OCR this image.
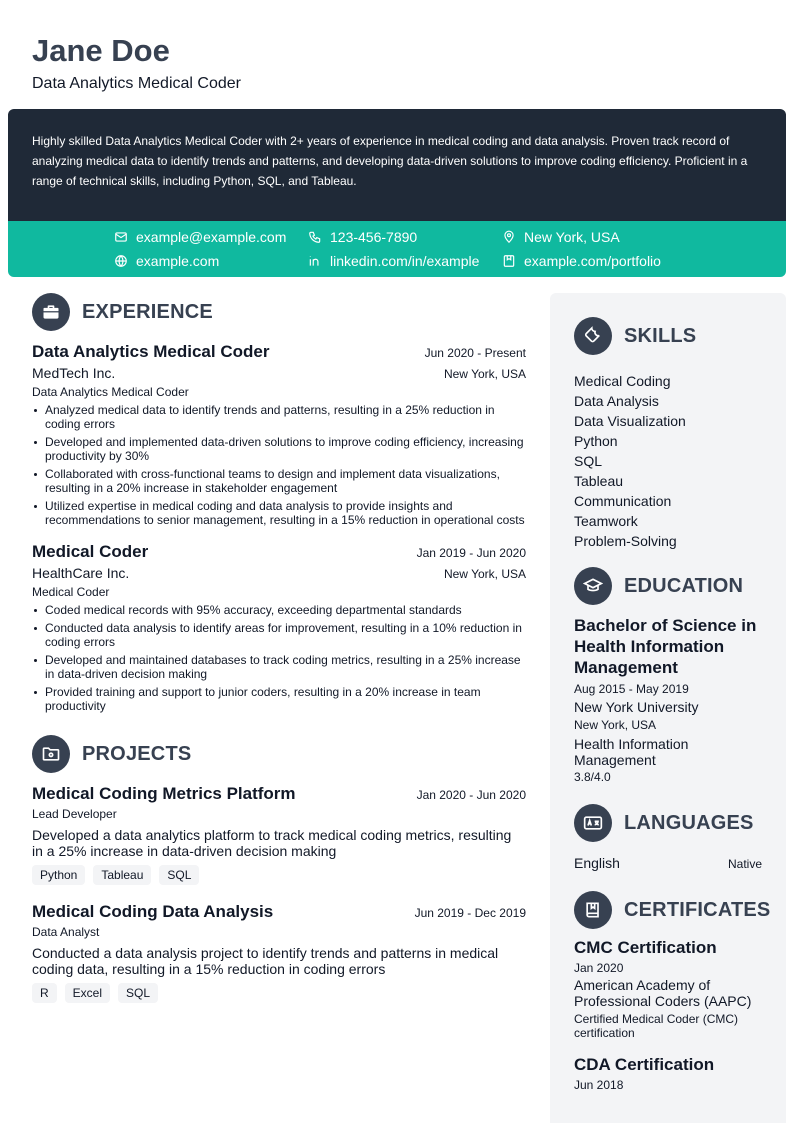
Jane Doe
Data Analytics Medical Coder
Highly skilled Data Analytics Medical Coder with 2+ years of experience in medical coding and data analysis. Proven track record of analyzing medical data to identify trends and patterns, and developing data-driven solutions to improve coding efficiency. Proficient in a range of technical skills, including Python, SQL, and Tableau.
example@example.com	123-456-7890	New York, USA
example.com	linkedin.com/in/example	example.com/portfolio
EXPERIENCE
Data Analytics Medical Coder	Jun 2020 - Present
MedTech Inc.	New York, USA
Data Analytics Medical Coder
Analyzed medical data to identify trends and patterns, resulting in a 25% reduction in coding errors
Developed and implemented data-driven solutions to improve coding efficiency, increasing productivity by 30%
Collaborated with cross-functional teams to design and implement data visualizations, resulting in a 20% increase in stakeholder engagement
Utilized expertise in medical coding and data analysis to provide insights and recommendations to senior management, resulting in a 15% reduction in operational costs
Medical Coder	Jan 2019 - Jun 2020
HealthCare Inc.	New York, USA
Medical Coder
Coded medical records with 95% accuracy, exceeding departmental standards
Conducted data analysis to identify areas for improvement, resulting in a 10% reduction in coding errors
Developed and maintained databases to track coding metrics, resulting in a 25% increase in data-driven decision making
Provided training and support to junior coders, resulting in a 20% increase in team productivity
PROJECTS
Medical Coding Metrics Platform	Jan 2020 - Jun 2020
Lead Developer
Developed a data analytics platform to track medical coding metrics, resulting in a 25% increase in data-driven decision making
Python	Tableau	SQL
Medical Coding Data Analysis	Jun 2019 - Dec 2019
Data Analyst
Conducted a data analysis project to identify trends and patterns in medical coding data, resulting in a 15% reduction in coding errors
R	Excel	SQL
SKILLS
Medical Coding
Data Analysis
Data Visualization
Python
SQL
Tableau
Communication
Teamwork
Problem-Solving
EDUCATION
Bachelor of Science in Health Information Management
Aug 2015 - May 2019
New York University
New York, USA
Health Information Management
3.8/4.0
LANGUAGES
English	Native
CERTIFICATES
CMC Certification
Jan 2020
American Academy of Professional Coders (AAPC)
Certified Medical Coder (CMC) certification
CDA Certification
Jun 2018
